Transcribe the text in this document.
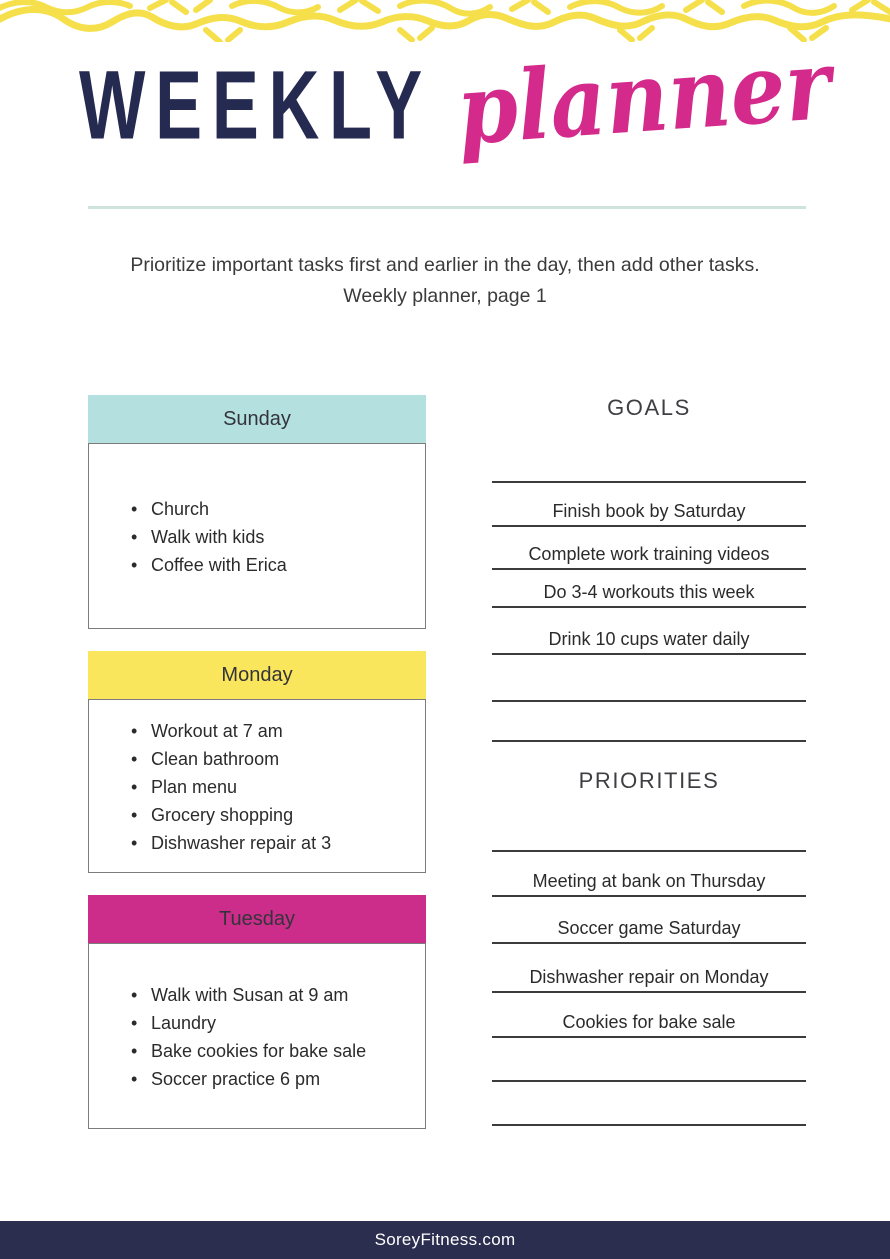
WEEKLY planner
Prioritize important tasks first and earlier in the day, then add other tasks.
Weekly planner, page 1
Sunday
• Church
• Walk with kids
• Coffee with Erica
Monday
• Workout at 7 am
• Clean bathroom
• Plan menu
• Grocery shopping
• Dishwasher repair at 3
Tuesday
• Walk with Susan at 9 am
• Laundry
• Bake cookies for bake sale
• Soccer practice 6 pm
GOALS
Finish book by Saturday
Complete work training videos
Do 3-4 workouts this week
Drink 10 cups water daily
PRIORITIES
Meeting at bank on Thursday
Soccer game Saturday
Dishwasher repair on Monday
Cookies for bake sale
SoreyFitness.com
